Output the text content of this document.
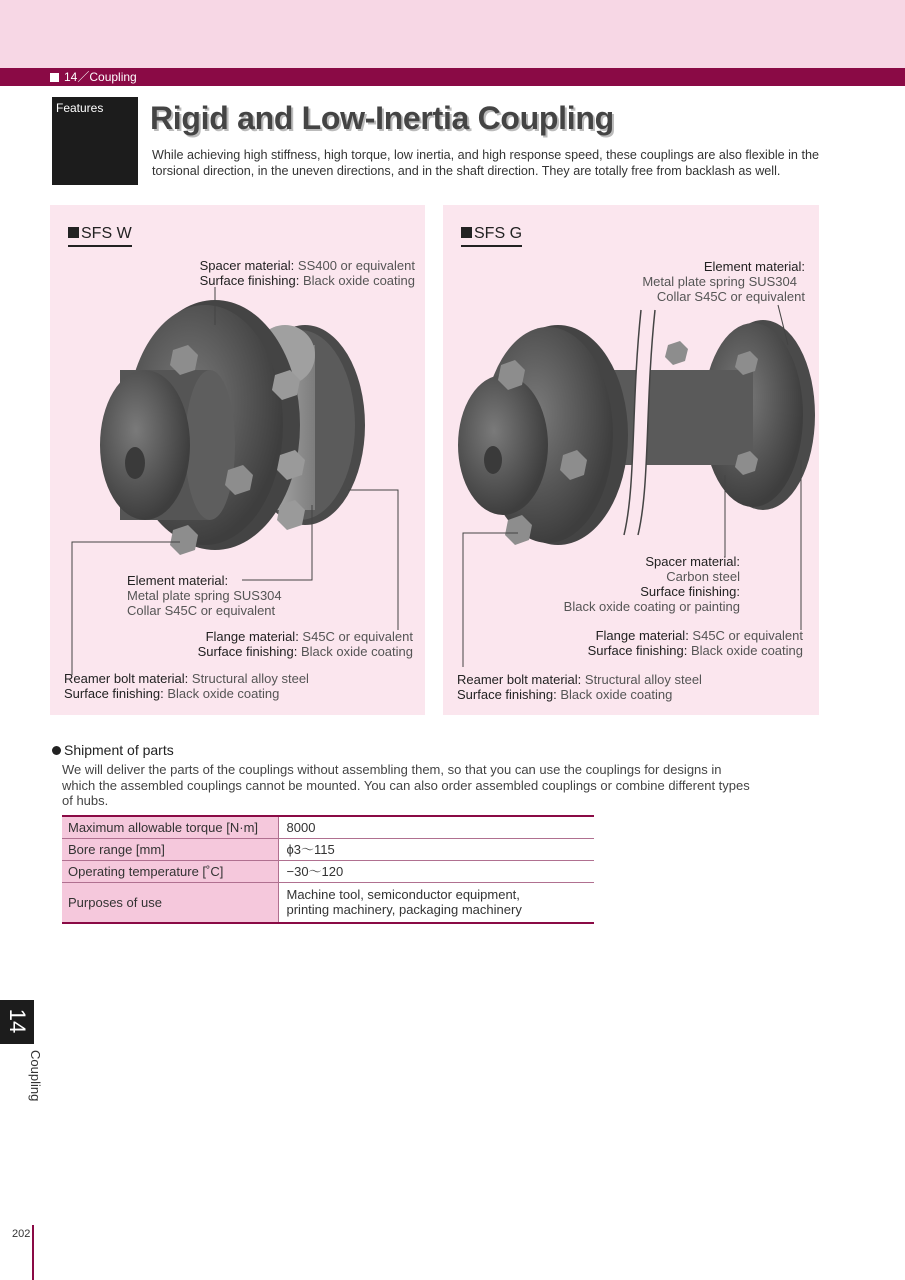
14／Coupling
Features	Rigid and Low-Inertia Coupling

While achieving high stiffness, high torque, low inertia, and high response speed, these couplings are also flexible in the torsional direction, in the uneven directions, and in the shaft direction. They are totally free from backlash as well.

SFS W
Spacer material: SS400 or equivalent
Surface finishing: Black oxide coating
Element material:
Metal plate spring SUS304
Collar S45C or equivalent
Flange material: S45C or equivalent
Surface finishing: Black oxide coating
Reamer bolt material: Structural alloy steel
Surface finishing: Black oxide coating
SFS G
Element material:
Metal plate spring SUS304
Collar S45C or equivalent
Spacer material:
Carbon steel
Surface finishing:
Black oxide coating or painting
Flange material: S45C or equivalent
Surface finishing: Black oxide coating
Reamer bolt material: Structural alloy steel
Surface finishing: Black oxide coating
Shipment of parts

We will deliver the parts of the couplings without assembling them, so that you can use the couplings for designs in which the assembled couplings cannot be mounted. You can also order assembled couplings or combine different types of hubs.

Maximum allowable torque [N·m]	8000
Bore range [mm]	ϕ3～115
Operating temperature [˚C]	−30～120
Purposes of use	Machine tool, semiconductor equipment,
printing machinery, packaging machinery
14
Coupling
202
